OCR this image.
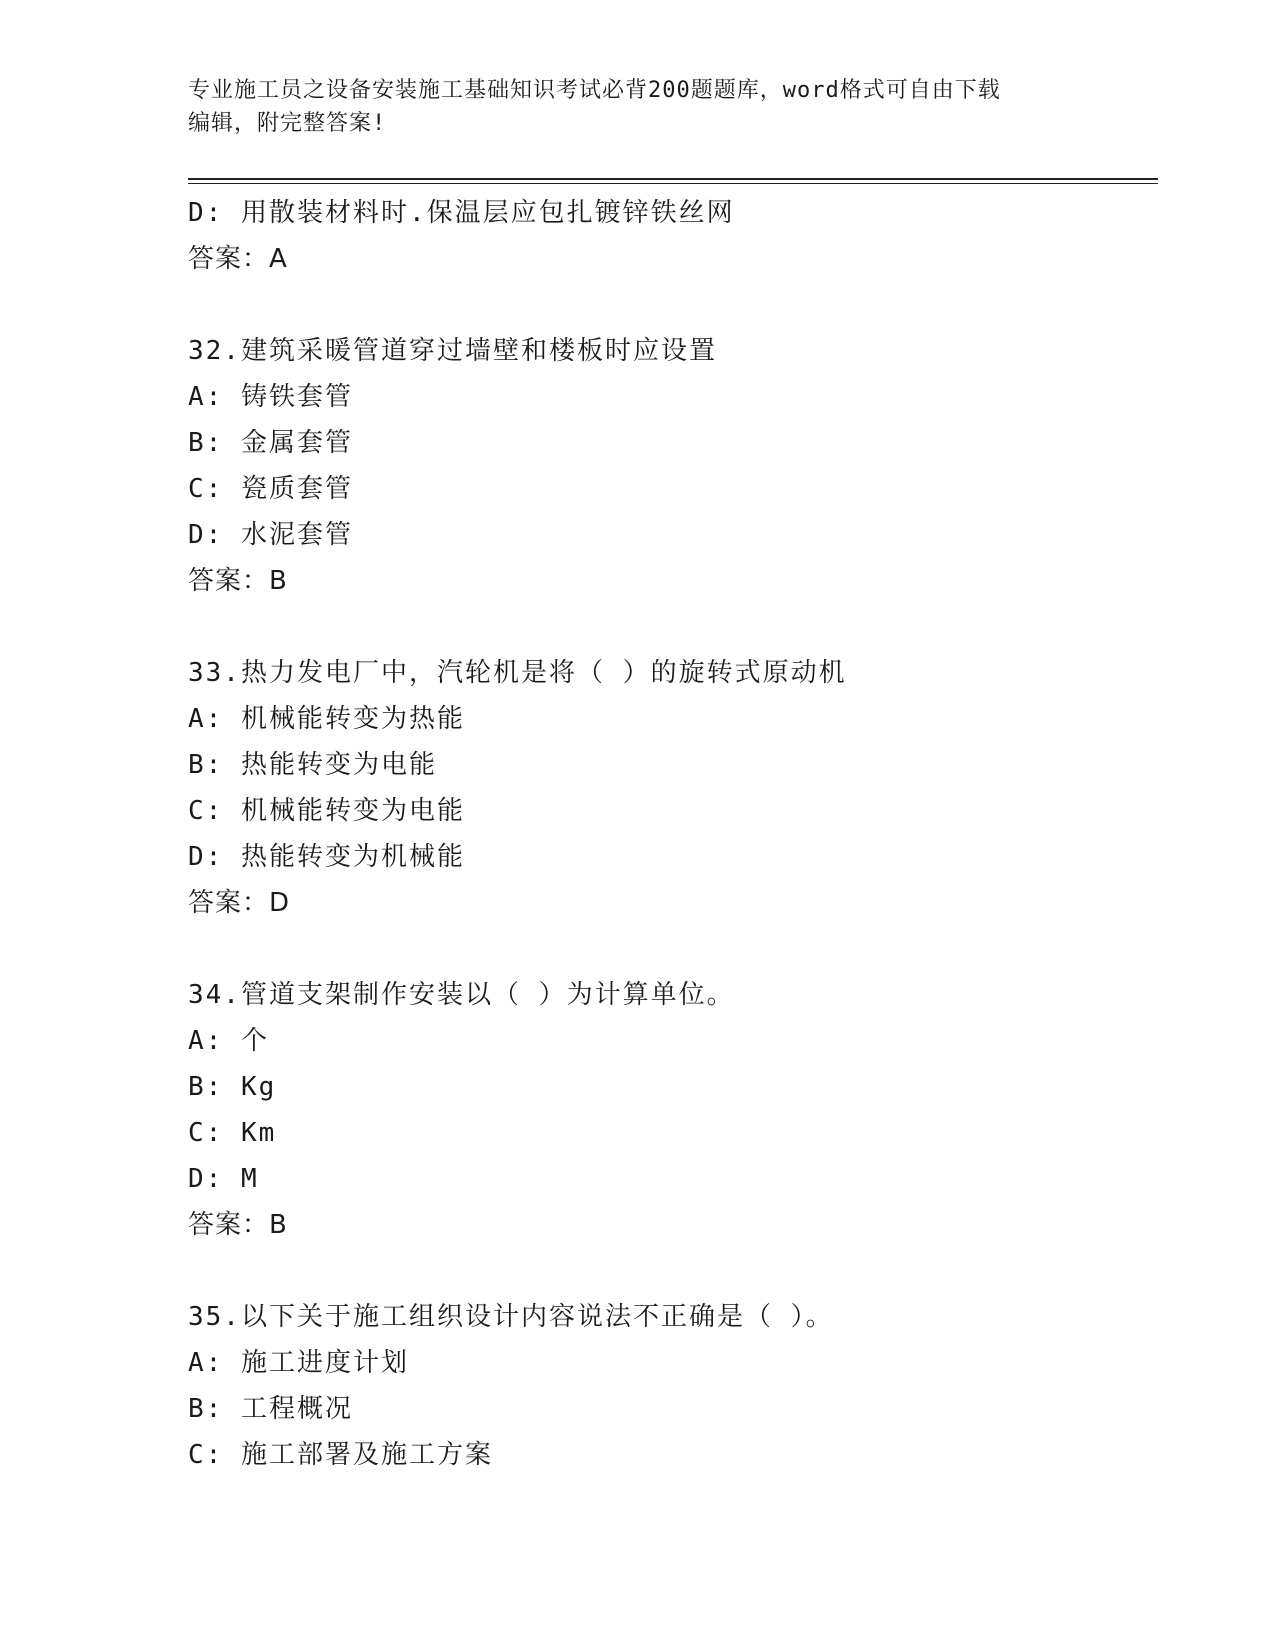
专业施工员之设备安装施工基础知识考试必背200题题库，word格式可自由下载
编辑，附完整答案!
D: 用散装材料时.保温层应包扎镀锌铁丝网
答案：A
32.建筑采暖管道穿过墙壁和楼板时应设置
A: 铸铁套管
B: 金属套管
C: 瓷质套管
D: 水泥套管
答案：B
33.热力发电厂中，汽轮机是将（ ）的旋转式原动机
A: 机械能转变为热能
B: 热能转变为电能
C: 机械能转变为电能
D: 热能转变为机械能
答案：D
34.管道支架制作安装以（ ）为计算单位。
A: 个
B: Kg
C: Km
D: M
答案：B
35.以下关于施工组织设计内容说法不正确是（ ）。
A: 施工进度计划
B: 工程概况
C: 施工部署及施工方案
